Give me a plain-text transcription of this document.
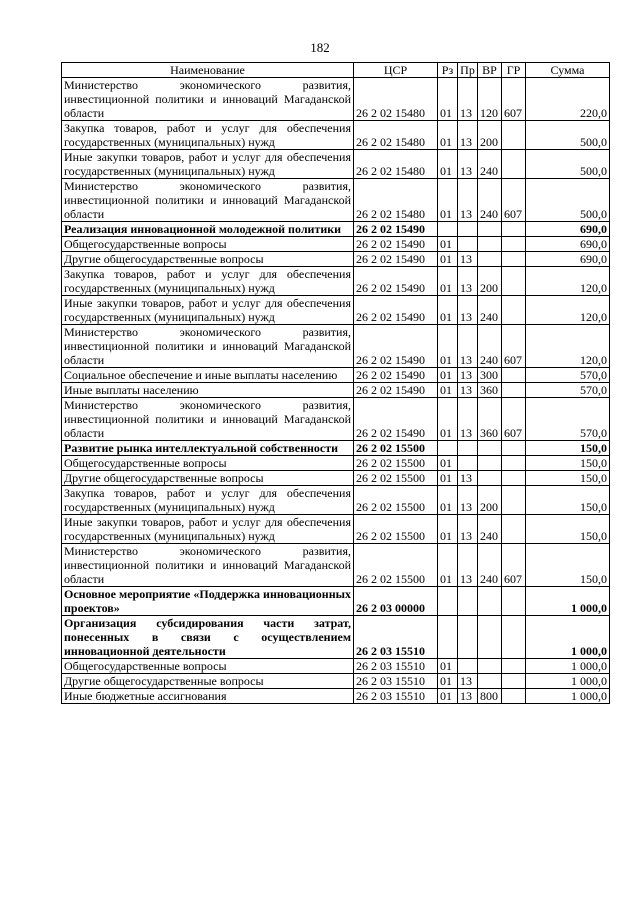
182
Наименование	ЦСР	Рз	Пр	ВР	ГР	Сумма
Министерство экономического развития, инвестиционной политики и инноваций Магаданской области	26 2 02 15480	01	13	120	607	220,0
Закупка товаров, работ и услуг для обеспечения государственных (муниципальных) нужд	26 2 02 15480	01	13	200		500,0
Иные закупки товаров, работ и услуг для обеспечения государственных (муниципальных) нужд	26 2 02 15480	01	13	240		500,0
Министерство экономического развития, инвестиционной политики и инноваций Магаданской области	26 2 02 15480	01	13	240	607	500,0
Реализация инновационной молодежной политики	26 2 02 15490					690,0
Общегосударственные вопросы	26 2 02 15490	01				690,0
Другие общегосударственные вопросы	26 2 02 15490	01	13			690,0
Закупка товаров, работ и услуг для обеспечения государственных (муниципальных) нужд	26 2 02 15490	01	13	200		120,0
Иные закупки товаров, работ и услуг для обеспечения государственных (муниципальных) нужд	26 2 02 15490	01	13	240		120,0
Министерство экономического развития, инвестиционной политики и инноваций Магаданской области	26 2 02 15490	01	13	240	607	120,0
Социальное обеспечение и иные выплаты населению	26 2 02 15490	01	13	300		570,0
Иные выплаты населению	26 2 02 15490	01	13	360		570,0
Министерство экономического развития, инвестиционной политики и инноваций Магаданской области	26 2 02 15490	01	13	360	607	570,0
Развитие рынка интеллектуальной собственности	26 2 02 15500					150,0
Общегосударственные вопросы	26 2 02 15500	01				150,0
Другие общегосударственные вопросы	26 2 02 15500	01	13			150,0
Закупка товаров, работ и услуг для обеспечения государственных (муниципальных) нужд	26 2 02 15500	01	13	200		150,0
Иные закупки товаров, работ и услуг для обеспечения государственных (муниципальных) нужд	26 2 02 15500	01	13	240		150,0
Министерство экономического развития, инвестиционной политики и инноваций Магаданской области	26 2 02 15500	01	13	240	607	150,0
Основное мероприятие «Поддержка инновационных проектов»	26 2 03 00000					1 000,0
Организация субсидирования части затрат, понесенных в связи с осуществлением инновационной деятельности	26 2 03 15510					1 000,0
Общегосударственные вопросы	26 2 03 15510	01				1 000,0
Другие общегосударственные вопросы	26 2 03 15510	01	13			1 000,0
Иные бюджетные ассигнования	26 2 03 15510	01	13	800		1 000,0
